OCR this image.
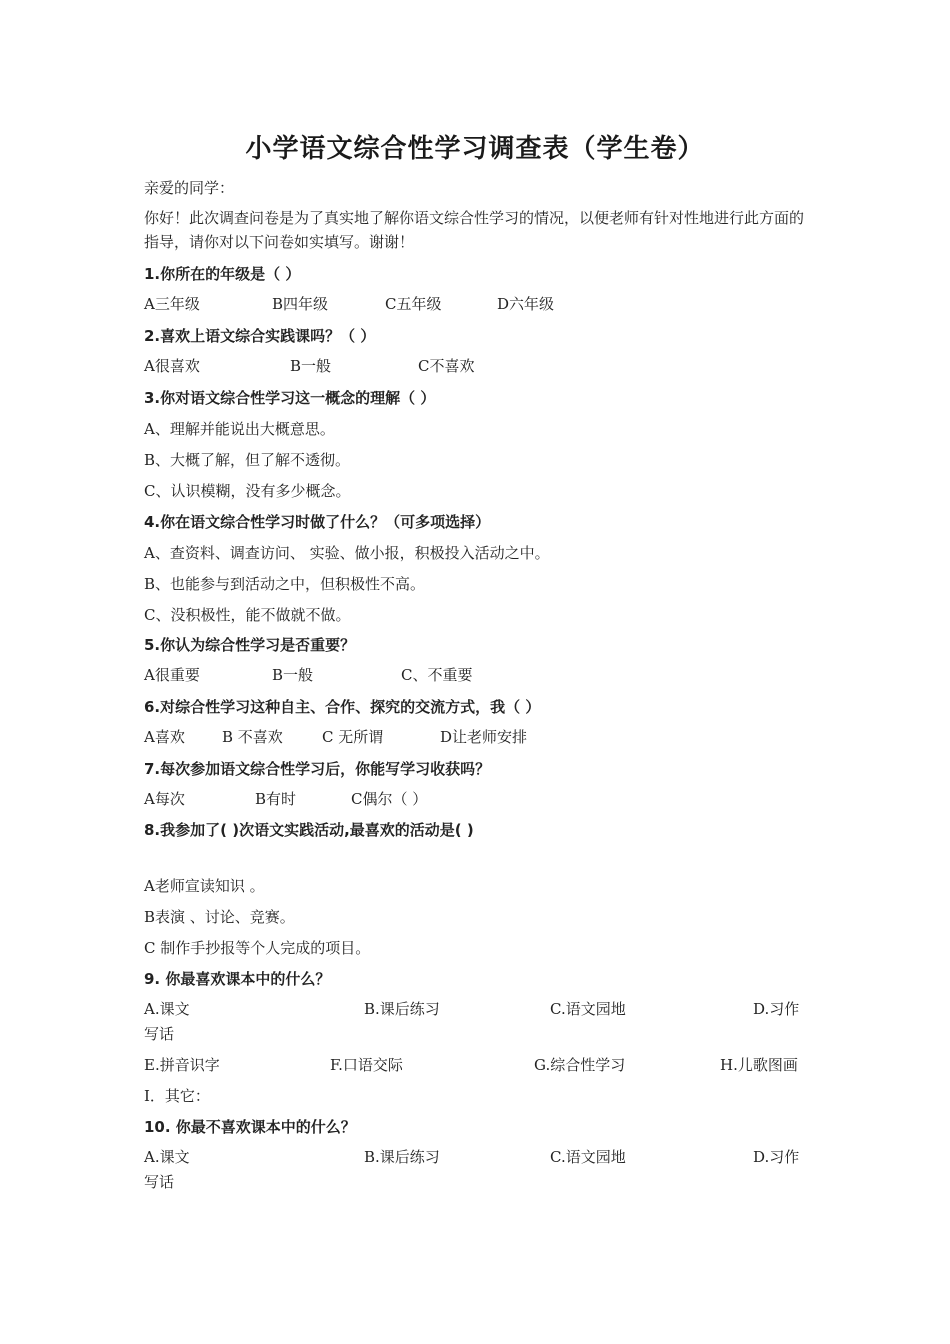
小学语文综合性学习调查表（学生卷）
亲爱的同学：
你好！此次调查问卷是为了真实地了解你语文综合性学习的情况，以便老师有针对性地进行此方面的指导，请你对以下问卷如实填写。谢谢！
1.你所在的年级是（ ）
A三年级	B四年级	C五年级	D六年级
2.喜欢上语文综合实践课吗？（ ）
A很喜欢	B一般	C不喜欢
3.你对语文综合性学习这一概念的理解（ ）
A、理解并能说出大概意思。
B、大概了解，但了解不透彻。
C、认识模糊，没有多少概念。
4.你在语文综合性学习时做了什么？（可多项选择）
A、查资料、调查访问、 实验、做小报，积极投入活动之中。
B、也能参与到活动之中，但积极性不高。
C、没积极性，能不做就不做。
5.你认为综合性学习是否重要？
A很重要	B一般	C、不重要
6.对综合性学习这种自主、合作、探究的交流方式，我（ ）
A喜欢 B 不喜欢	C 无所谓	D让老师安排
7.每次参加语文综合性学习后，你能写学习收获吗？
A每次	B有时	C偶尔（ ）
8.我参加了( )次语文实践活动,最喜欢的活动是( )
A老师宣读知识 。
B表演 、讨论、竞赛。
C 制作手抄报等个人完成的项目。
9. 你最喜欢课本中的什么？
A.课文	B.课后练习	C.语文园地	D.习作
写话
E.拼音识字	F.口语交际	G.综合性学习	H.儿歌图画
I．其它：
10. 你最不喜欢课本中的什么？
A.课文	B.课后练习	C.语文园地	D.习作
写话
